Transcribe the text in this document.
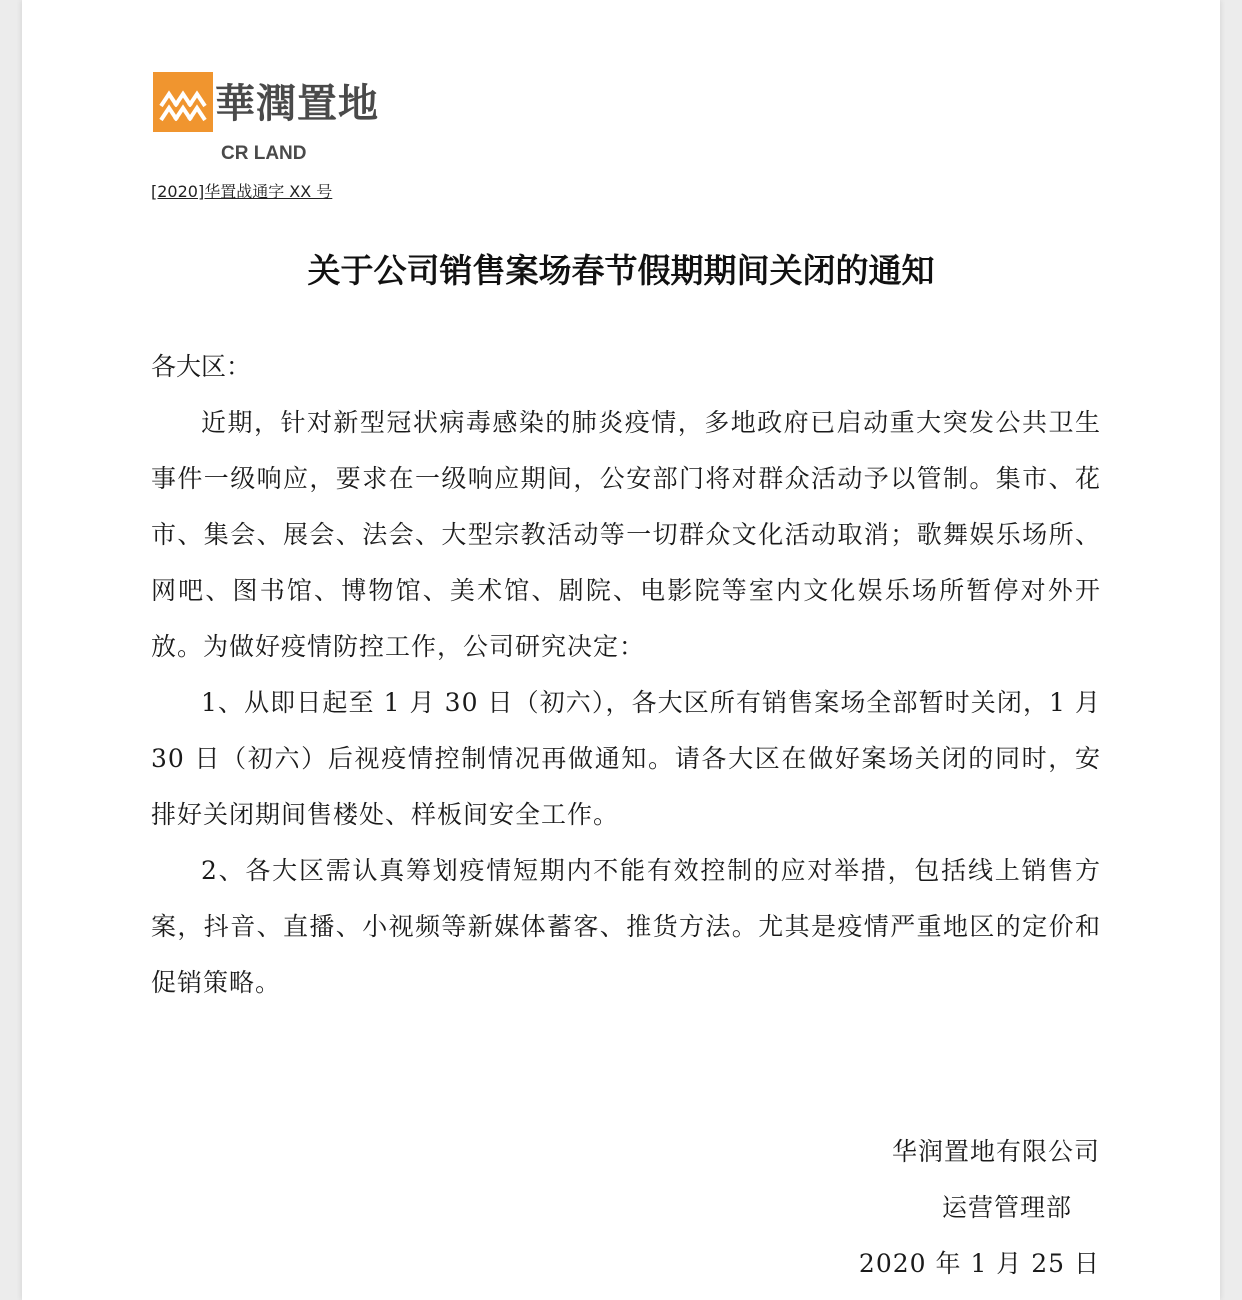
華潤置地
CR LAND
[2020]华置战通字 XX 号
关于公司销售案场春节假期期间关闭的通知
各大区：

近期，针对新型冠状病毒感染的肺炎疫情，多地政府已启动重大突发公共卫生事件一级响应，要求在一级响应期间，公安部门将对群众活动予以管制。集市、花市、集会、展会、法会、大型宗教活动等一切群众文化活动取消；歌舞娱乐场所、网吧、图书馆、博物馆、美术馆、剧院、电影院等室内文化娱乐场所暂停对外开放。为做好疫情防控工作，公司研究决定：

1、从即日起至 1 月 30 日（初六），各大区所有销售案场全部暂时关闭，1 月 30 日（初六）后视疫情控制情况再做通知。请各大区在做好案场关闭的同时，安排好关闭期间售楼处、样板间安全工作。

2、各大区需认真筹划疫情短期内不能有效控制的应对举措，包括线上销售方案，抖音、直播、小视频等新媒体蓄客、推货方法。尤其是疫情严重地区的定价和促销策略。

华润置地有限公司
运营管理部
2020 年 1 月 25 日
